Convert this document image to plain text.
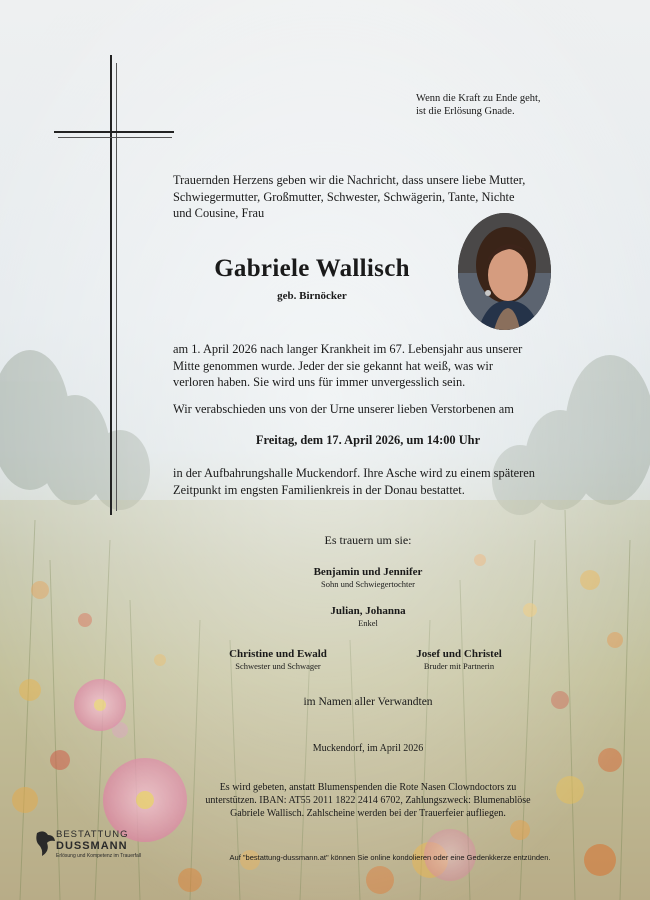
Wenn die Kraft zu Ende geht,
ist die Erlösung Gnade.
Trauernden Herzens geben wir die Nachricht, dass unsere liebe Mutter,
Schwiegermutter, Großmutter, Schwester, Schwägerin, Tante, Nichte
und Cousine, Frau
Gabriele Wallisch
geb. Birnöcker
am 1. April 2026 nach langer Krankheit im 67. Lebensjahr aus unserer
Mitte genommen wurde. Jeder der sie gekannt hat weiß, was wir
verloren haben. Sie wird uns für immer unvergesslich sein.
Wir verabschieden uns von der Urne unserer lieben Verstorbenen am
Freitag, dem 17. April 2026, um 14:00 Uhr
in der Aufbahrungshalle Muckendorf. Ihre Asche wird zu einem späteren
Zeitpunkt im engsten Familienkreis in der Donau bestattet.
Es trauern um sie:
Benjamin und Jennifer
Sohn und Schwiegertochter
Julian, Johanna
Enkel
Christine und Ewald
Schwester und Schwager
Josef und Christel
Bruder mit Partnerin
im Namen aller Verwandten
Muckendorf, im April 2026
Es wird gebeten, anstatt Blumenspenden die Rote Nasen Clowndoctors zu
unterstützen. IBAN: AT55 2011 1822 2414 6702, Zahlungszweck: Blumenablöse
Gabriele Wallisch. Zahlscheine werden bei der Trauerfeier aufliegen.
BESTATTUNG
DUSSMANN
Erlösung und Kompetenz im Trauerfall	Auf "bestattung-dussmann.at" können Sie online kondolieren oder eine Gedenkkerze entzünden.
